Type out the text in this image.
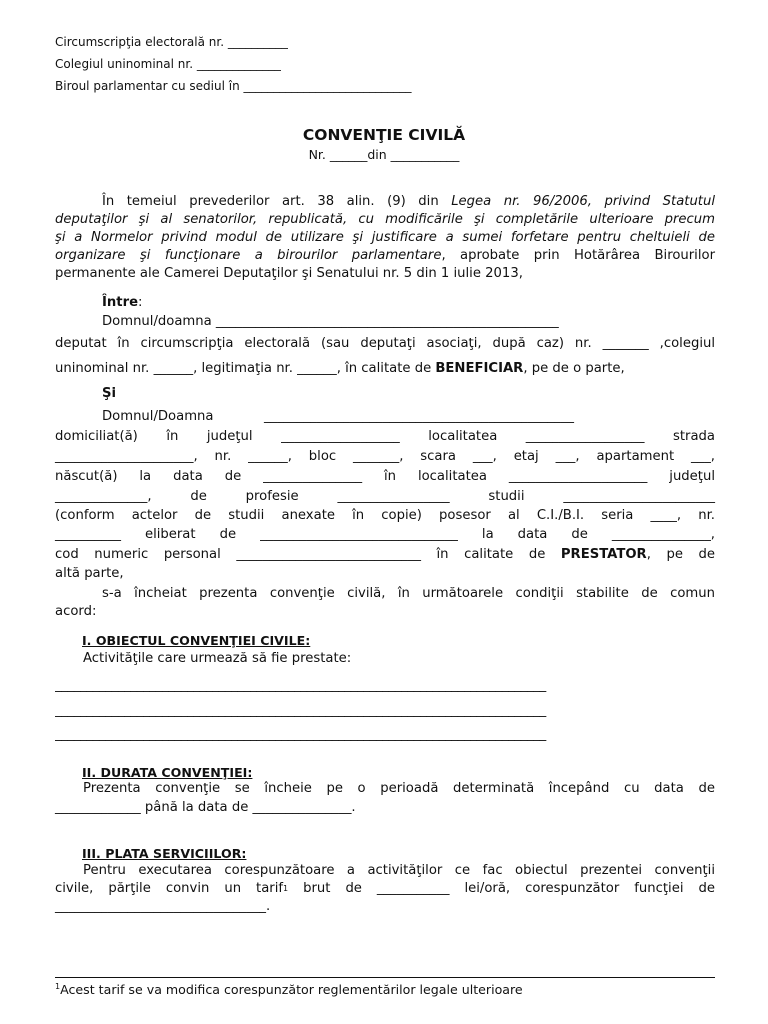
Circumscripţia electorală nr. __________
Colegiul uninominal nr. ______________
Biroul parlamentar cu sediul în ____________________________
CONVENŢIE CIVILĂ
Nr. ______din ___________
În temeiul prevederilor art. 38 alin. (9) din Legea nr. 96/2006, privind Statutul
deputaţilor şi al senatorilor, republicată, cu modificările şi completările ulterioare precum
şi a Normelor privind modul de utilizare şi justificare a sumei forfetare pentru cheltuieli de
organizare şi funcţionare a birourilor parlamentare, aprobate prin Hotărârea Birourilor
permanente ale Camerei Deputaţilor şi Senatului nr. 5 din 1 iulie 2013,
Între:
Domnul/doamna ____________________________________________________
deputat în circumscripţia electorală (sau deputaţi asociaţi, după caz) nr. _______ ,colegiul
uninominal nr. ______, legitimaţia nr. ______, în calitate de BENEFICIAR, pe de o parte,
Şi
Domnul/Doamna	_______________________________________________
domiciliat(ă) în judeţul __________________ localitatea __________________ strada
_____________________, nr. ______, bloc _______, scara ___, etaj ___, apartament ___,
născut(ă) la data de _______________ în localitatea _____________________ judeţul
______________, de profesie _________________ studii _______________________
(conform actelor de studii anexate în copie) posesor al C.I./B.I. seria ____, nr.
__________ eliberat de ______________________________ la data de _______________,
cod numeric personal ____________________________ în calitate de PRESTATOR, pe de
altă parte,
s-a încheiat prezenta convenţie civilă, în următoarele condiţii stabilite de comun
acord:
I. OBIECTUL CONVENŢIEI CIVILE:
Activităţile care urmează să fie prestate:
______________________________________________________________________________
______________________________________________________________________________
______________________________________________________________________________
II. DURATA CONVENŢIEI:
Prezenta convenţie se încheie pe o perioadă determinată începând cu data de
_____________ până la data de _______________.
III. PLATA SERVICIILOR:
Pentru executarea corespunzătoare a activităţilor ce fac obiectul prezentei convenţii
civile, părţile convin un tarif$^1$ brut de ___________ lei/oră, corespunzător funcţiei de
________________________________.
$^1$Acest tarif se va modifica corespunzător reglementărilor legale ulterioare
